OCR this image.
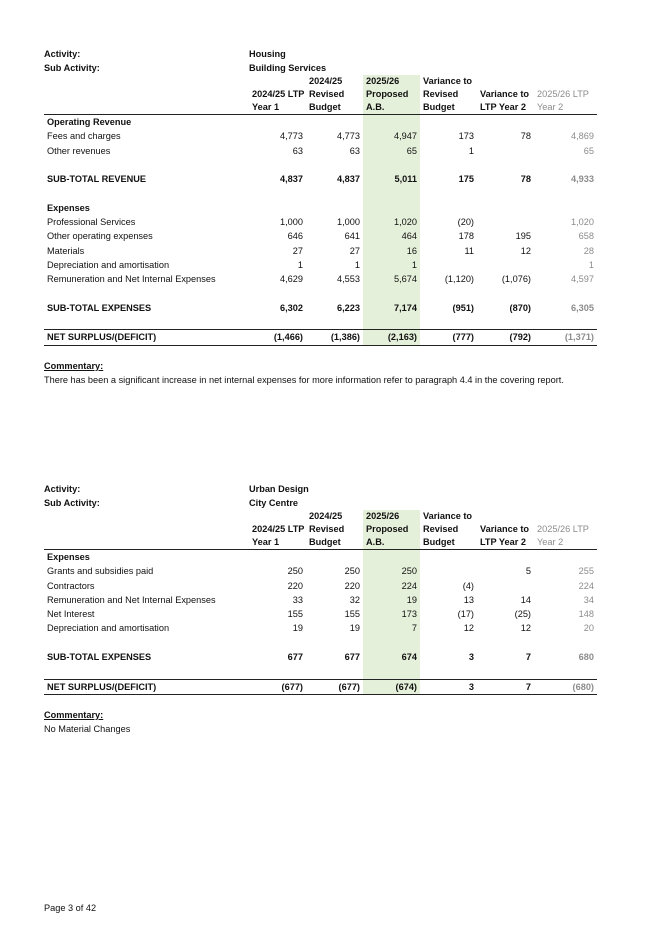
Activity:	Housing
Sub Activity:	Building Services
		2024/25	2025/26	Variance to		
	2024/25 LTP	Revised	Proposed	Revised	Variance to	2025/26 LTP
	Year 1	Budget	A.B.	Budget	LTP Year 2	Year 2
Operating Revenue						
Fees and charges	4,773	4,773	4,947	173	78	4,869
Other revenues	63	63	65	1		65

SUB-TOTAL REVENUE	4,837	4,837	5,011	175	78	4,933

Expenses						
Professional Services	1,000	1,000	1,020	(20)		1,020
Other operating expenses	646	641	464	178	195	658
Materials	27	27	16	11	12	28
Depreciation and amortisation	1	1	1			1
Remuneration and Net Internal Expenses	4,629	4,553	5,674	(1,120)	(1,076)	4,597

SUB-TOTAL EXPENSES	6,302	6,223	7,174	(951)	(870)	6,305

NET SURPLUS/(DEFICIT)	(1,466)	(1,386)	(2,163)	(777)	(792)	(1,371)
Commentary:
There has been a significant increase in net internal expenses for more information refer to paragraph 4.4 in the covering report.
Activity:	Urban Design
Sub Activity:	City Centre
		2024/25	2025/26	Variance to		
	2024/25 LTP	Revised	Proposed	Revised	Variance to	2025/26 LTP
	Year 1	Budget	A.B.	Budget	LTP Year 2	Year 2
Expenses						
Grants and subsidies paid	250	250	250		5	255
Contractors	220	220	224	(4)		224
Remuneration and Net Internal Expenses	33	32	19	13	14	34
Net Interest	155	155	173	(17)	(25)	148
Depreciation and amortisation	19	19	7	12	12	20

SUB-TOTAL EXPENSES	677	677	674	3	7	680

NET SURPLUS/(DEFICIT)	(677)	(677)	(674)	3	7	(680)
Commentary:
No Material Changes
Page 3 of 42
